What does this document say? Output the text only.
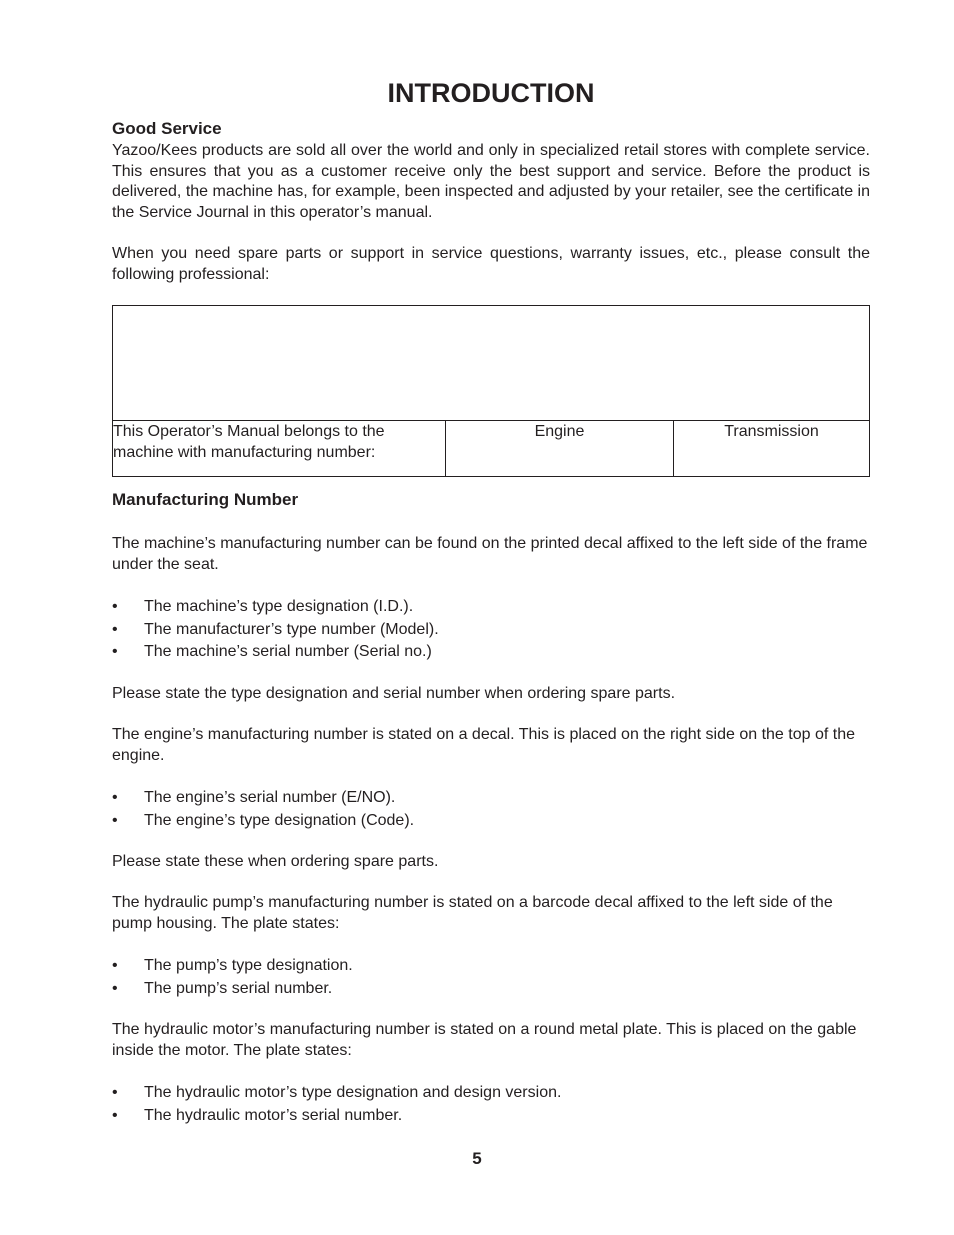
INTRODUCTION
Good Service

Yazoo/Kees products are sold all over the world and only in specialized retail stores with complete service. This ensures that you as a customer receive only the best support and service. Before the product is delivered, the machine has, for example, been inspected and adjusted by your retailer, see the certificate in the Service Journal in this operator’s manual.

When you need spare parts or support in service questions, warranty issues, etc., please consult the following professional:

Manufacturing Number

The machine’s manufacturing number can be found on the printed decal affixed to the left side of the frame under the seat.

• The machine’s type designation (I.D.).
• The manufacturer’s type number (Model).
• The machine’s serial number (Serial no.)

Please state the type designation and serial number when ordering spare parts.

The engine’s manufacturing number is stated on a decal. This is placed on the right side on the top of the engine.

• The engine’s serial number (E/NO).
• The engine’s type designation (Code).

Please state these when ordering spare parts.

The hydraulic pump’s manufacturing number is stated on a barcode decal affixed to the left side of the pump housing. The plate states:

• The pump’s type designation.
• The pump’s serial number.

The hydraulic motor’s manufacturing number is stated on a round metal plate. This is placed on the gable inside the motor. The plate states:

• The hydraulic motor’s type designation and design version.
• The hydraulic motor’s serial number.
This Operator’s Manual belongs to the machine with manufacturing number:
Engine	Transmission
5
